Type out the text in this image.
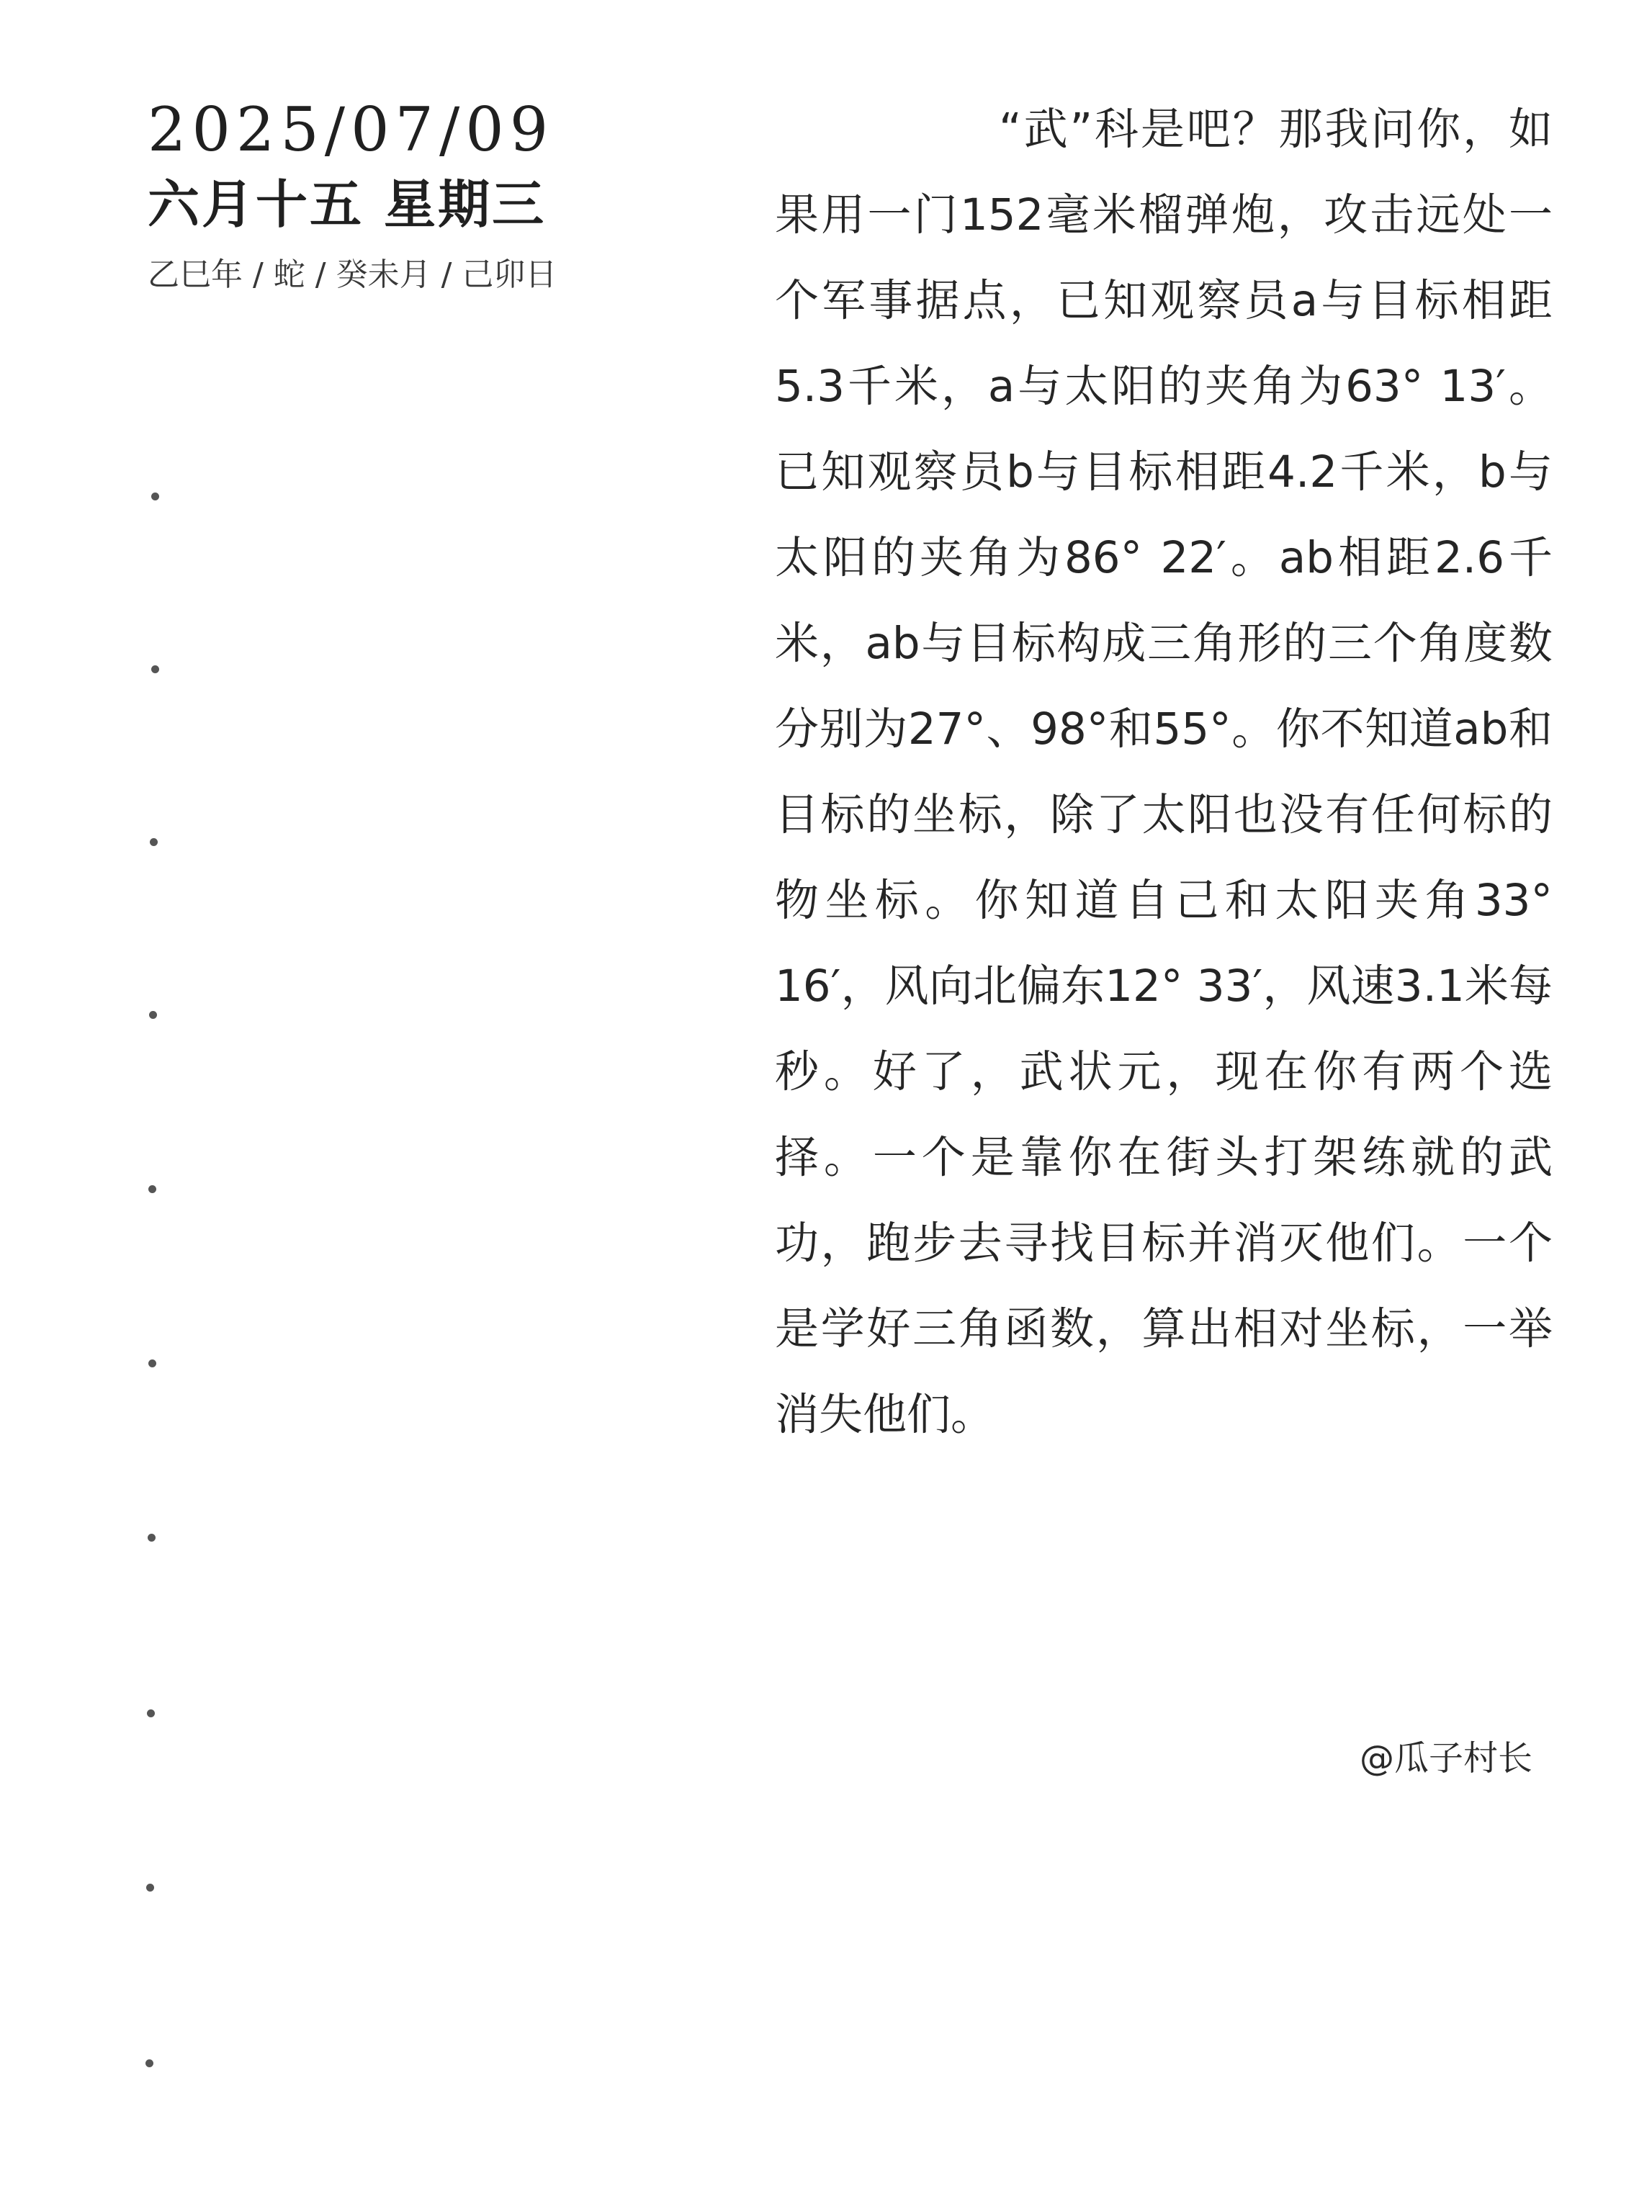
2025/07/09
六月十五 星期三
乙巳年 / 蛇 / 癸未月 / 己卯日

“武”科是吧？那我问你，如果用一门152毫米榴弹炮，攻击远处一个军事据点，已知观察员a与目标相距5.3千米，a与太阳的夹角为63° 13′。已知观察员b与目标相距4.2千米，b与太阳的夹角为86° 22′。ab相距2.6千米，ab与目标构成三角形的三个角度数分别为27°、98°和55°。你不知道ab和目标的坐标，除了太阳也没有任何标的物坐标。你知道自己和太阳夹角33° 16′，风向北偏东12° 33′，风速3.1米每秒。好了，武状元，现在你有两个选择。一个是靠你在街头打架练就的武功，跑步去寻找目标并消灭他们。一个是学好三角函数，算出相对坐标，一举消失他们。

@瓜子村长
